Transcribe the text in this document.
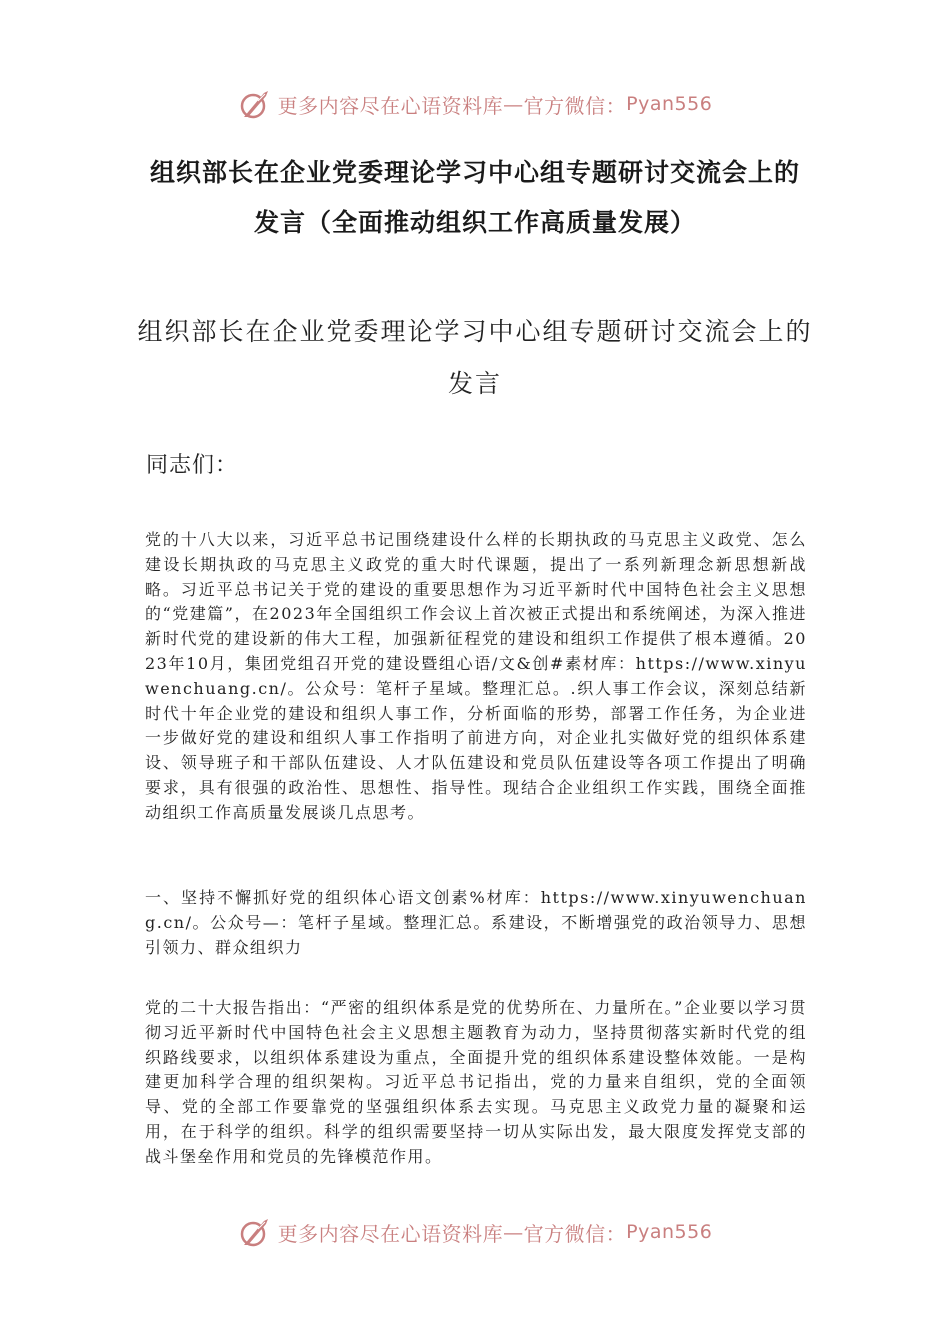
更多内容尽在心语资料库 — 官方微信： Pyan556
组织部长在企业党委理论学习中心组专题研讨交流会上的
发言（全面推动组织工作高质量发展）
组织部长在企业党委理论学习中心组专题研讨交流会上的
发言
同志们：
党的十八大以来，习近平总书记围绕建设什么样的长期执政的马克思主义政党、怎么建设长期执政的马克思主义政党的重大时代课题，提出了一系列新理念新思想新战略。习近平总书记关于党的建设的重要思想作为习近平新时代中国特色社会主义思想的“党建篇”，在2023年全国组织工作会议上首次被正式提出和系统阐述，为深入推进新时代党的建设新的伟大工程，加强新征程党的建设和组织工作提供了根本遵循。2023年10月，集团党组召开党的建设暨组心语/文&创#素材库：https://www.xinyuwenchuang.cn/。公众号：笔杆子星域。整理汇总。.织人事工作会议，深刻总结新时代十年企业党的建设和组织人事工作，分析面临的形势，部署工作任务，为企业进一步做好党的建设和组织人事工作指明了前进方向，对企业扎实做好党的组织体系建设、领导班子和干部队伍建设、人才队伍建设和党员队伍建设等各项工作提出了明确要求，具有很强的政治性、思想性、指导性。现结合企业组织工作实践，围绕全面推动组织工作高质量发展谈几点思考。
一、坚持不懈抓好党的组织体心语文创素%材库：https://www.xinyuwenchuang.cn/。公众号—：笔杆子星域。整理汇总。系建设，不断增强党的政治领导力、思想引领力、群众组织力
党的二十大报告指出：“严密的组织体系是党的优势所在、力量所在。”企业要以学习贯彻习近平新时代中国特色社会主义思想主题教育为动力，坚持贯彻落实新时代党的组织路线要求，以组织体系建设为重点，全面提升党的组织体系建设整体效能。一是构建更加科学合理的组织架构。习近平总书记指出，党的力量来自组织，党的全面领导、党的全部工作要靠党的坚强组织体系去实现。马克思主义政党力量的凝聚和运用，在于科学的组织。科学的组织需要坚持一切从实际出发，最大限度发挥党支部的战斗堡垒作用和党员的先锋模范作用。
更多内容尽在心语资料库 — 官方微信： Pyan556
